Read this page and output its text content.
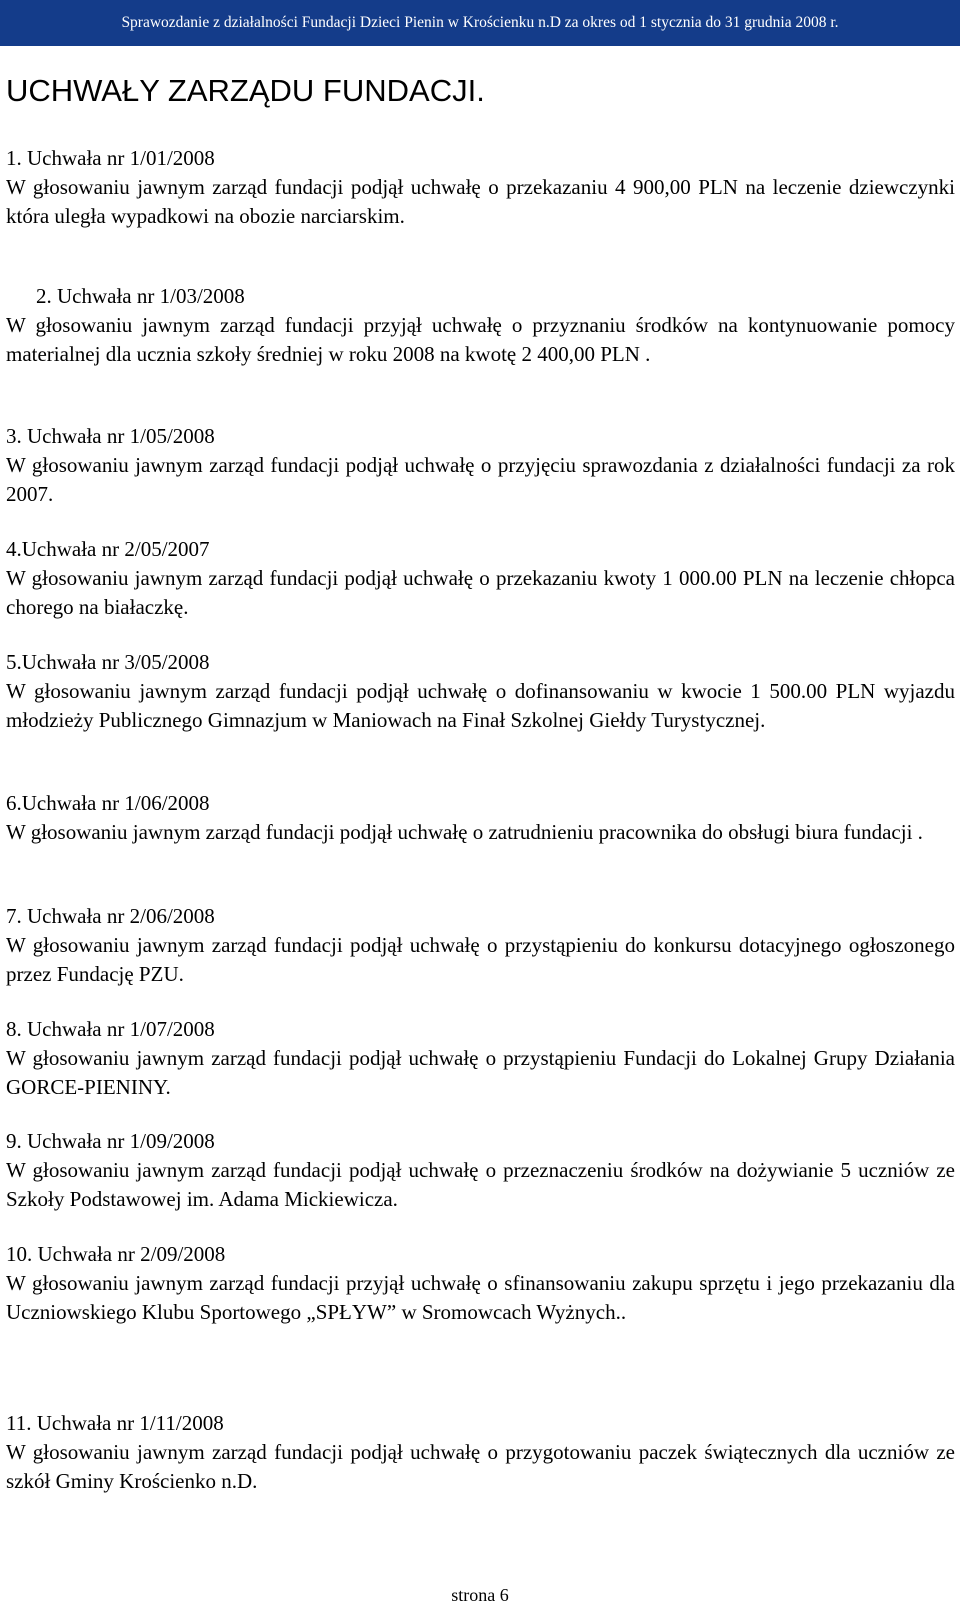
Sprawozdanie z działalności Fundacji Dzieci Pienin w Krościenku n.D za okres od 1 stycznia do 31 grudnia 2008 r.
UCHWAŁY ZARZĄDU FUNDACJI.
1. Uchwała nr 1/01/2008
W głosowaniu jawnym zarząd fundacji podjął uchwałę o przekazaniu 4 900,00 PLN na leczenie dziewczynki która uległa wypadkowi na obozie narciarskim.
2. Uchwała nr 1/03/2008
W głosowaniu jawnym zarząd fundacji przyjął uchwałę o przyznaniu środków na kontynuowanie pomocy materialnej dla ucznia szkoły średniej w roku 2008 na kwotę 2 400,00 PLN .
3. Uchwała nr 1/05/2008
W głosowaniu jawnym zarząd fundacji podjął uchwałę o przyjęciu sprawozdania z działalności fundacji za rok 2007.
4.Uchwała nr 2/05/2007
W głosowaniu jawnym zarząd fundacji podjął uchwałę o przekazaniu kwoty 1 000.00 PLN na leczenie chłopca chorego na białaczkę.
5.Uchwała nr 3/05/2008
W głosowaniu jawnym zarząd fundacji podjął uchwałę o dofinansowaniu w kwocie 1 500.00 PLN wyjazdu młodzieży Publicznego Gimnazjum w Maniowach na Finał Szkolnej Giełdy Turystycznej.
6.Uchwała nr 1/06/2008
W głosowaniu jawnym zarząd fundacji podjął uchwałę o zatrudnieniu pracownika do obsługi biura fundacji .
7. Uchwała nr 2/06/2008
W głosowaniu jawnym zarząd fundacji podjął uchwałę o przystąpieniu do konkursu dotacyjnego ogłoszonego przez Fundację PZU.
8. Uchwała nr 1/07/2008
W głosowaniu jawnym zarząd fundacji podjął uchwałę o przystąpieniu Fundacji do Lokalnej Grupy Działania GORCE-PIENINY.
9. Uchwała nr 1/09/2008
W głosowaniu jawnym zarząd fundacji podjął uchwałę o przeznaczeniu środków na dożywianie 5 uczniów ze Szkoły Podstawowej im. Adama Mickiewicza.
10. Uchwała nr 2/09/2008
W głosowaniu jawnym zarząd fundacji przyjął uchwałę o sfinansowaniu zakupu sprzętu i jego przekazaniu dla Uczniowskiego Klubu Sportowego „SPŁYW” w Sromowcach Wyżnych..
11. Uchwała nr 1/11/2008
W głosowaniu jawnym zarząd fundacji podjął uchwałę o przygotowaniu paczek świątecznych dla uczniów ze szkół Gminy Krościenko n.D.
strona 6
